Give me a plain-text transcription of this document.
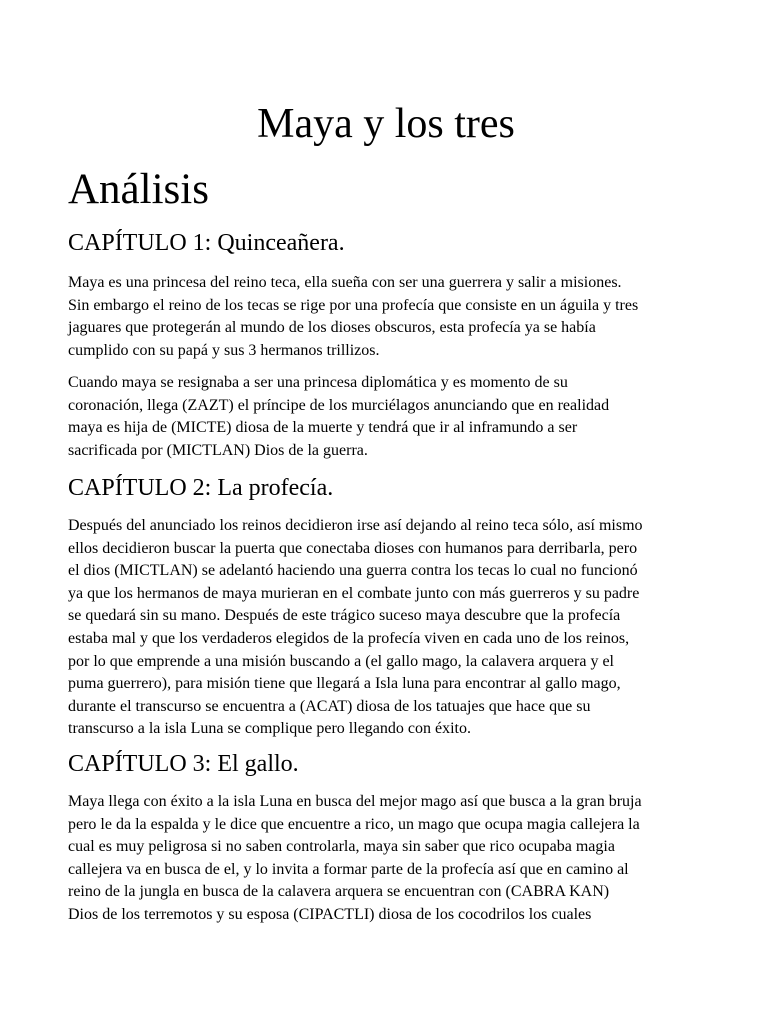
Maya y los tres
Análisis
CAPÍTULO 1: Quinceañera.

Maya es una princesa del reino teca, ella sueña con ser una guerrera y salir a misiones.
Sin embargo el reino de los tecas se rige por una profecía que consiste en un águila y tres
jaguares que protegerán al mundo de los dioses obscuros, esta profecía ya se había
cumplido con su papá y sus 3 hermanos trillizos.

Cuando maya se resignaba a ser una princesa diplomática y es momento de su
coronación, llega (ZAZT) el príncipe de los murciélagos anunciando que en realidad
maya es hija de (MICTE) diosa de la muerte y tendrá que ir al inframundo a ser
sacrificada por (MICTLAN) Dios de la guerra.

CAPÍTULO 2: La profecía.

Después del anunciado los reinos decidieron irse así dejando al reino teca sólo, así mismo
ellos decidieron buscar la puerta que conectaba dioses con humanos para derribarla, pero
el dios (MICTLAN) se adelantó haciendo una guerra contra los tecas lo cual no funcionó
ya que los hermanos de maya murieran en el combate junto con más guerreros y su padre
se quedará sin su mano. Después de este trágico suceso maya descubre que la profecía
estaba mal y que los verdaderos elegidos de la profecía viven en cada uno de los reinos,
por lo que emprende a una misión buscando a (el gallo mago, la calavera arquera y el
puma guerrero), para misión tiene que llegará a Isla luna para encontrar al gallo mago,
durante el transcurso se encuentra a (ACAT) diosa de los tatuajes que hace que su
transcurso a la isla Luna se complique pero llegando con éxito.

CAPÍTULO 3: El gallo.

Maya llega con éxito a la isla Luna en busca del mejor mago así que busca a la gran bruja
pero le da la espalda y le dice que encuentre a rico, un mago que ocupa magia callejera la
cual es muy peligrosa si no saben controlarla, maya sin saber que rico ocupaba magia
callejera va en busca de el, y lo invita a formar parte de la profecía así que en camino al
reino de la jungla en busca de la calavera arquera se encuentran con (CABRA KAN)
Dios de los terremotos y su esposa (CIPACTLI) diosa de los cocodrilos los cuales
